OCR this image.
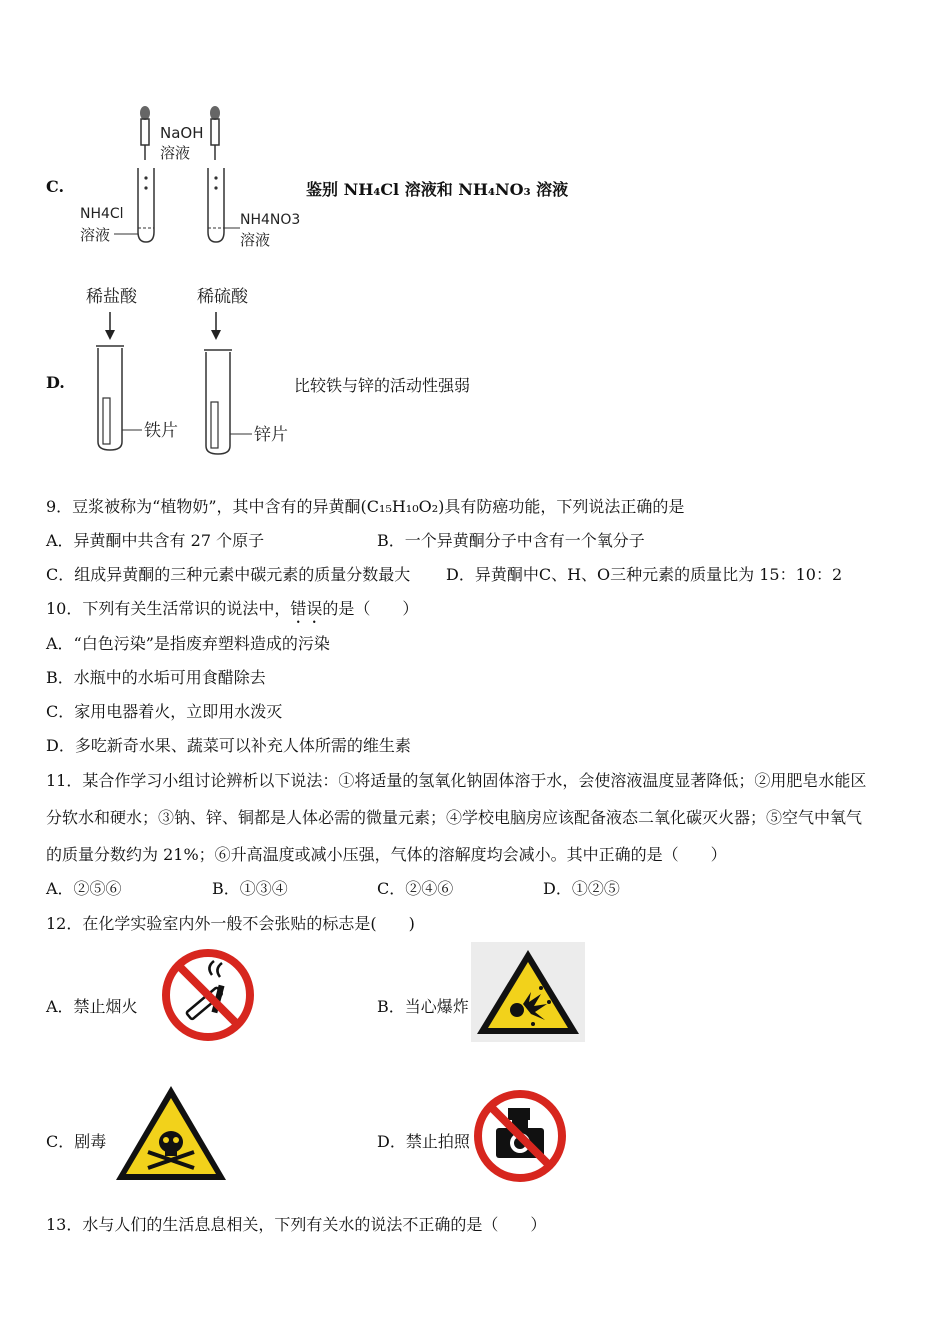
C.
NaOH
溶液
NH4Cl
溶液
NH4NO3
溶液
鉴别 NH₄Cl 溶液和 NH₄NO₃ 溶液
D.
稀盐酸	稀硫酸
铁片	锌片
比较铁与锌的活动性强弱
9．豆浆被称为“植物奶”，其中含有的异黄酮(C₁₅H₁₀O₂)具有防癌功能，下列说法正确的是
A．异黄酮中共含有 27 个原子	B．一个异黄酮分子中含有一个氧分子
C．组成异黄酮的三种元素中碳元素的质量分数最大 D．异黄酮中C、H、O三种元素的质量比为 15：10：2
10．下列有关生活常识的说法中，错误的是（　　）
A．“白色污染”是指废弃塑料造成的污染
B．水瓶中的水垢可用食醋除去
C．家用电器着火，立即用水泼灭
D．多吃新奇水果、蔬菜可以补充人体所需的维生素
11．某合作学习小组讨论辨析以下说法：①将适量的氢氧化钠固体溶于水，会使溶液温度显著降低；②用肥皂水能区
分软水和硬水；③钠、锌、铜都是人体必需的微量元素；④学校电脑房应该配备液态二氧化碳灭火器；⑤空气中氧气
的质量分数约为 21%；⑥升高温度或减小压强，气体的溶解度均会减小。其中正确的是（　　）
A．②⑤⑥	B．①③④	C．②④⑥	D．①②⑤
12．在化学实验室内外一般不会张贴的标志是(　　)
A．禁止烟火	B．当心爆炸
C．剧毒	D．禁止拍照
13．水与人们的生活息息相关，下列有关水的说法不正确的是（　　）
